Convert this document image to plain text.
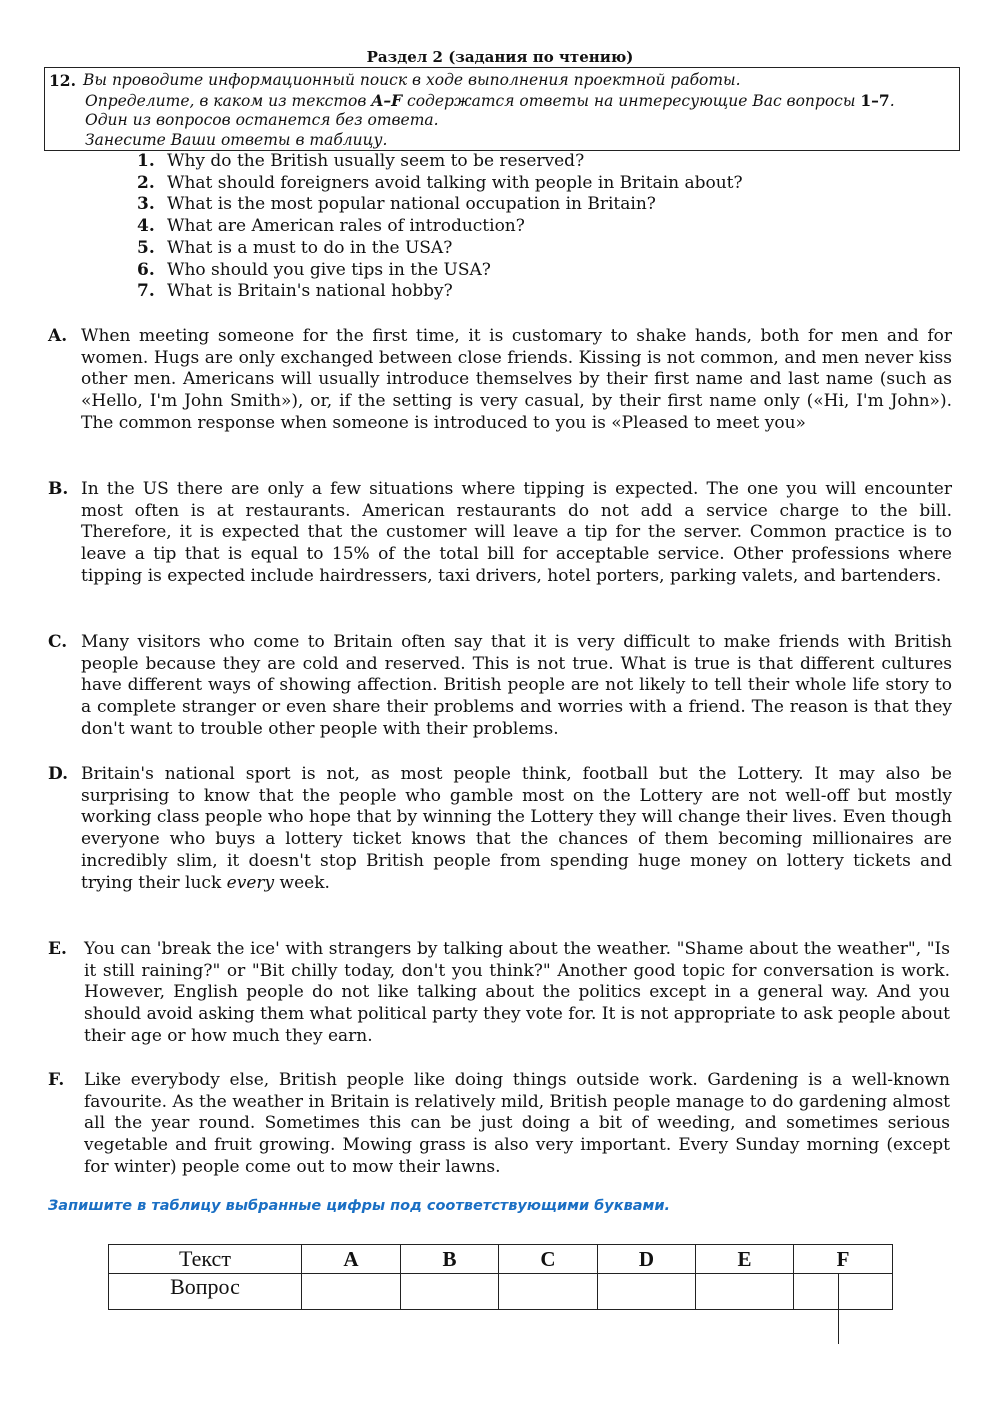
Раздел 2 (задания по чтению)
12. Вы проводите информационный поиск в ходе выполнения проектной работы.
Определите, в каком из текстов A–F содержатся ответы на интересующие Вас вопросы 1–7.
Один из вопросов останется без ответа.
Занесите Ваши ответы в таблицу.
1. Why do the British usually seem to be reserved?
2. What should foreigners avoid talking with people in Britain about?
3. What is the most popular national occupation in Britain?
4. What are American rales of introduction?
5. What is a must to do in the USA?
6. Who should you give tips in the USA?
7. What is Britain's national hobby?
A. When meeting someone for the first time, it is customary to shake hands, both for men and for women. Hugs are only exchanged between close friends. Kissing is not common, and men never kiss other men. Americans will usually introduce themselves by their first name and last name (such as «Hello, I'm John Smith»), or, if the setting is very casual, by their first name only («Hi, I'm John»). The common response when someone is introduced to you is «Pleased to meet you»
B. In the US there are only a few situations where tipping is expected. The one you will encounter most often is at restaurants. American restaurants do not add a service charge to the bill. Therefore, it is expected that the customer will leave a tip for the server. Common practice is to leave a tip that is equal to 15% of the total bill for acceptable service. Other professions where tipping is expected include hairdressers, taxi drivers, hotel porters, parking valets, and bartenders.
C. Many visitors who come to Britain often say that it is very difficult to make friends with British people because they are cold and reserved. This is not true. What is true is that different cultures have different ways of showing affection. British people are not likely to tell their whole life story to a complete stranger or even share their problems and worries with a friend. The reason is that they don't want to trouble other people with their problems.
D. Britain's national sport is not, as most people think, football but the Lottery. It may also be surprising to know that the people who gamble most on the Lottery are not well-off but mostly working class people who hope that by winning the Lottery they will change their lives. Even though everyone who buys a lottery ticket knows that the chances of them becoming millionaires are incredibly slim, it doesn't stop British people from spending huge money on lottery tickets and trying their luck every week.
E. You can 'break the ice' with strangers by talking about the weather. "Shame about the weather", "Is it still raining?" or "Bit chilly today, don't you think?" Another good topic for conversation is work. However, English people do not like talking about the politics except in a general way. And you should avoid asking them what political party they vote for. It is not appropriate to ask people about their age or how much they earn.
F. Like everybody else, British people like doing things outside work. Gardening is a well-known favourite. As the weather in Britain is relatively mild, British people manage to do gardening almost all the year round. Sometimes this can be just doing a bit of weeding, and sometimes serious vegetable and fruit growing. Mowing grass is also very important. Every Sunday morning (except for winter) people come out to mow their lawns.
Запишите в таблицу выбранные цифры под соответствующими буквами.
Текст	A	B	C	D	E	F
Вопрос						
